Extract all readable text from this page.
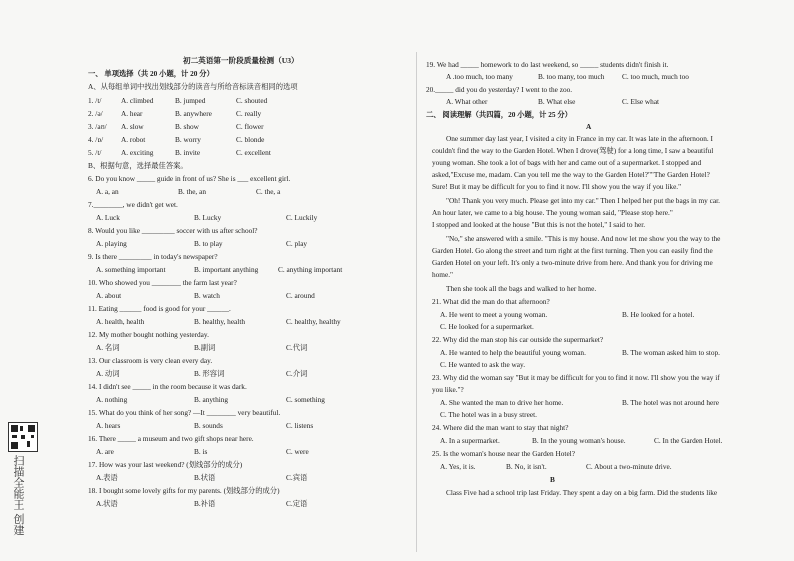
初二英语第一阶段质量检测（U3）
一、 单项选择（共 20 小题，计 20 分）
A、从每组单词中找出划线部分的读音与所给音标读音相同的选项
1. /t/	A. climbed	B. jumped	C. shouted
2. /ə/	A. hear	B. anywhere	C. really
3. /aʊ/ A. slow	B. show	C. flower
4. /ɒ/ A. robot	B. worry	C. blonde
5. /t/	A. exciting	B. invite	C. excellent
B、根据句意，选择最佳答案。
6. Do you know _____ guide in front of us? She is ___ excellent girl.
A. a, an	B. the, an	C. the, a
7.________, we didn't get wet.
A. Luck	B. Lucky	C. Luckily
8. Would you like _________ soccer with us after school?
A. playing	B. to play	C. play
9. Is there _________ in today's newspaper?
A. something important	B. important anything	C. anything important
10. Who showed you ________ the farm last year?
A. about	B. watch	C. around
11. Eating ______ food is good for your ______.
A. health, health	B. healthy, health	C. healthy, healthy
12. My mother bought nothing yesterday.
A. 名词	B.副词	C.代词
13. Our classroom is very clean every day.
A. 动词	B. 形容词	C.介词
14. I didn't see _____ in the room because it was dark.
A. nothing	B. anything	C. something
15. What do you think of her song? —It ________ very beautiful.
A. hears	B. sounds	C. listens
16. There _____ a museum and two gift shops near here.
A. are	B. is	C. were
17. How was your last weekend? (划线部分的成分)
A.表语	B.状语	C.宾语
18. I bought some lovely gifts for my parents. (划线部分的成分)
A.状语	B.补语	C.定语
19. We had _____ homework to do last weekend, so _____ students didn't finish it.
A .too much, too many	B. too many, too much C. too much, much too
20._____ did you do yesterday? I went to the zoo.
A. What other	B. What else	C. Else what
二、 阅读理解（共四篇，20 小题，计 25 分）
A
One summer day last year, I visited a city in France in my car. It was late in the afternoon. I
couldn't find the way to the Garden Hotel. When I drove(驾驶) for a long time, I saw a beautiful
young woman. She took a lot of bags with her and came out of a supermarket. I stopped and
asked,"Excuse me, madam. Can you tell me the way to the Garden Hotel?""The Garden Hotel?
Sure! But it may be difficult for you to find it now. I'll show you the way if you like."
"Oh! Thank you very much. Please get into my car." Then I helped her put the bags in my car.
An hour later, we came to a big house. The young woman said, "Please stop here."
I stopped and looked at the house "But this is not the hotel," I said to her.
"No," she answered with a smile. "This is my house. And now let me show you the way to the
Garden Hotel. Go along the street and turn right at the first turning. Then you can easily find the
Garden Hotel on your left. It's only a two-minute drive from here. And thank you for driving me
home."
Then she took all the bags and walked to her home.
21. What did the man do that afternoon?
A. He went to meet a young woman.	B. He looked for a hotel.
C. He looked for a supermarket.
22. Why did the man stop his car outside the supermarket?
A. He wanted to help the beautiful young woman.	B. The woman asked him to stop.
C. He wanted to ask the way.
23. Why did the woman say "But it may be difficult for you to find it now. I'll show you the way if
you like."?
A. She wanted the man to drive her home.	B. The hotel was not around here
C. The hotel was in a busy street.
24. Where did the man want to stay that night?
A. In a supermarket.	B. In the young woman's house.	C. In the Garden Hotel.
25. Is the woman's house near the Garden Hotel?
A. Yes, it is.	B. No, it isn't.	C. About a two-minute drive.
B
Class Five had a school trip last Friday. They spent a day on a big farm. Did the students like
扫描全能王 创建
